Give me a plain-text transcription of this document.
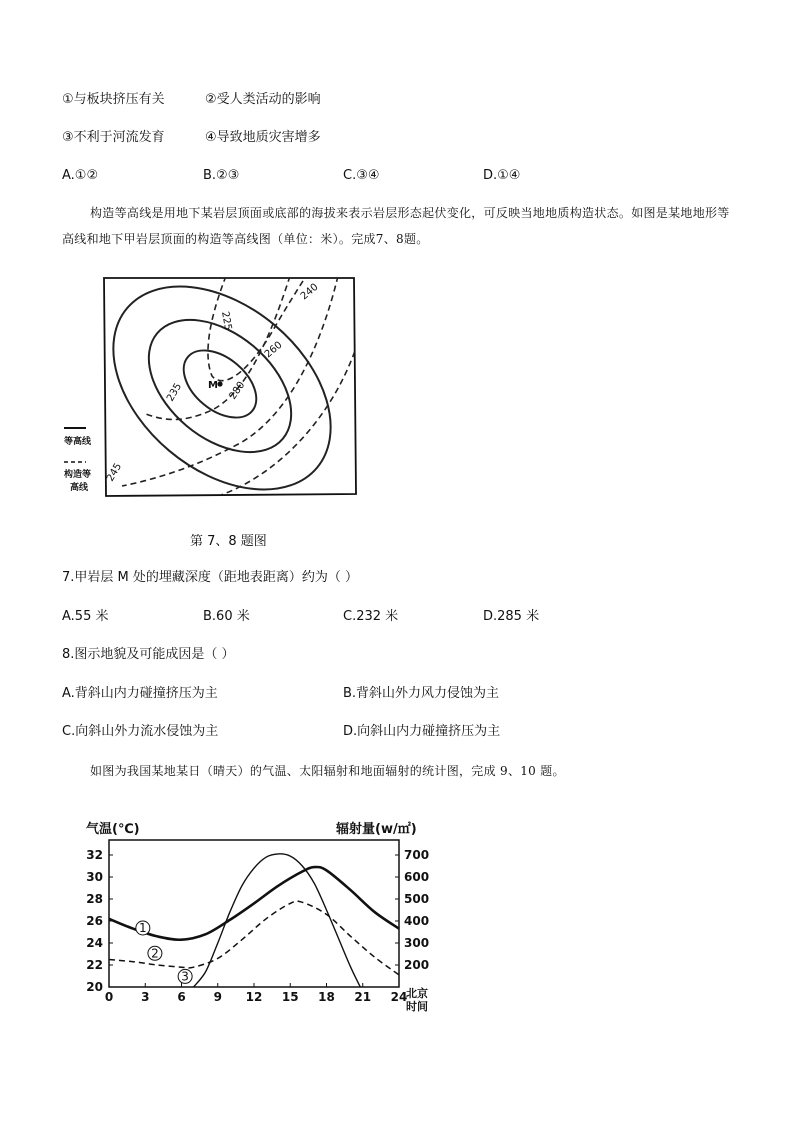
①与板块挤压有关	②受人类活动的影响
③不利于河流发育	④导致地质灾害增多
A.①②	B.②③	C.③④	D.①④
构造等高线是用地下某岩层顶面或底部的海拔来表示岩层形态起伏变化，可反映当地地质构造状态。如图是某地地形等高线和地下甲岩层顶面的构造等高线图（单位：米）。完成7、8题。
M
225
240
260
280
235
245
等高线
构造等
高线
第 7、8 题图
7.甲岩层 M 处的埋藏深度（距地表距离）约为（ ）
A.55 米	B.60 米	C.232 米	D.285 米
8.图示地貌及可能成因是（ ）
A.背斜山内力碰撞挤压为主	B.背斜山外力风力侵蚀为主
C.向斜山外力流水侵蚀为主	D.向斜山内力碰撞挤压为主
如图为我国某地某日（晴天）的气温、太阳辐射和地面辐射的统计图，完成 9、10 题。
气温(℃)	辐射量(w/㎡)
0 3 6 9 12 15 18 21 24
32
30
28
26
24
22
20
700
600
500
400
300
200
1
2
3
北京
时间
